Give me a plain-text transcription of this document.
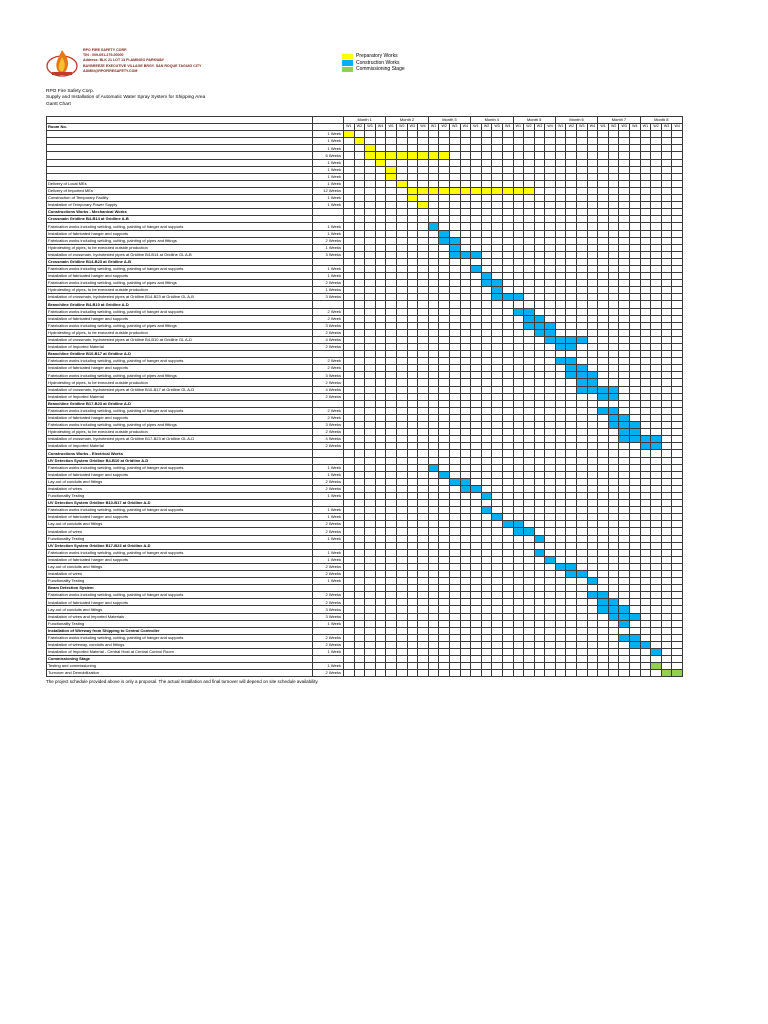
RPO FIRE SAFETY CORP.
TIN : 009-691-279-00000
Address: BLK 21 LOT 13 FLAMINGO PARKWAY
BAYBREEZE EXECUTIVE VILLAGE BRGY. SAN ROQUE TAGUIG CITY
ADMIN@RPOFIRESAFETY.COM
Preparatory Works
Construction Works
Commissioning Stage
RPO Fire Safety Corp.
Supply and Installation of Automatic Water Spray System for Shipping Area
Gantt Chart
		Month 1				Month 2				Month 3				Month 4				Month 5				Month 6				Month 7				Month 8			
Room No.		W1	W2	W3	W4	W1	W2	W3	W4	W1	W2	W3	W4	W1	W2	W3	W4	W1	W2	W3	W4	W1	W2	W3	W4	W1	W2	W3	W4	W1	W2	W3	W4
	1 Week																																
	1 Week																																
	1 Week																																
	6 Weeks																																
	1 Week																																
	1 Week																																
	1 Week																																
Delivery of Local MEs	1 Week																																
Delivery of Imported MEs	12 Weeks																																
Construction of Temporary Facility	1 Week																																
Installation of Temporary Power Supply	1 Week																																
Constructions Works - Mechanical Works																																	
Crossmain Gridline B4-B14 at Gridline A-B																																	
Fabrication works including welding, cutting, painting of hanger and supports	1 Week																																
Installation of fabricated hanger and supports	1 Week																																
Fabrication works including welding, cutting, painting of pipes and fittings	2 Weeks																																
Hydrotesting of pipes, to be executed outside production	1 Weeks																																
Installation of crossmain, hydrotested pipes at Gridline B4-B14 at Gridline GL A-B	3 Weeks																																
Crossmain Gridline B14-B23 at Gridline A-B																																	
Fabrication works including welding, cutting, painting of hanger and supports	1 Week																																
Installation of fabricated hanger and supports	1 Week																																
Fabrication works including welding, cutting, painting of pipes and fittings	2 Weeks																																
Hydrotesting of pipes, to be executed outside production	1 Weeks																																
Installation of crossmain, hydrotested pipes at Gridline B14-B23 at Gridline GL A-B	3 Weeks																																
Branchline Gridline B4-B10 at Gridline A-D																																	
Fabrication works including welding, cutting, painting of hanger and supports	2 Week																																
Installation of fabricated hanger and supports	2 Week																																
Fabrication works including welding, cutting, painting of pipes and fittings	3 Weeks																																
Hydrotesting of pipes, to be executed outside production	2 Weeks																																
Installation of crossmain, hydrotested pipes at Gridline B4-B10 at Gridline GL A-D	4 Weeks																																
Installation of Imported Material	2 Weeks																																
Branchline Gridline B10-B17 at Gridline A-D																																	
Fabrication works including welding, cutting, painting of hanger and supports	2 Week																																
Installation of fabricated hanger and supports	2 Week																																
Fabrication works including welding, cutting, painting of pipes and fittings	3 Weeks																																
Hydrotesting of pipes, to be executed outside production	2 Weeks																																
Installation of crossmain, hydrotested pipes at Gridline B10-B17 at Gridline GL A-D	4 Weeks																																
Installation of Imported Material	2 Weeks																																
Branchline Gridline B17-B23 at Gridline A-D																																	
Fabrication works including welding, cutting, painting of hanger and supports	2 Week																																
Installation of fabricated hanger and supports	2 Week																																
Fabrication works including welding, cutting, painting of pipes and fittings	3 Weeks																																
Hydrotesting of pipes, to be executed outside production	2 Weeks																																
Installation of crossmain, hydrotested pipes at Gridline B17-B23 at Gridline GL A-D	4 Weeks																																
Installation of Imported Material	2 Weeks																																
Constructions Works - Electrical Works																																	
UV Detection System Gridline B4-B10 at Gridline A-D																																	
Fabrication works including welding, cutting, painting of hanger and supports	1 Week																																
Installation of fabricated hanger and supports	1 Week																																
Lay-out of conduits and fittings	2 Weeks																																
Installation of wires	2 Weeks																																
Functionality Testing	1 Week																																
UV Detection System Gridline B10-B17 at Gridline A-D																																	
Fabrication works including welding, cutting, painting of hanger and supports	1 Week																																
Installation of fabricated hanger and supports	1 Week																																
Lay-out of conduits and fittings	2 Weeks																																
Installation of wires	2 Weeks																																
Functionality Testing	1 Week																																
UV Detection System Gridline B17-B23 at Gridline A-D																																	
Fabrication works including welding, cutting, painting of hanger and supports	1 Week																																
Installation of fabricated hanger and supports	1 Week																																
Lay-out of conduits and fittings	2 Weeks																																
Installation of wires	2 Weeks																																
Functionality Testing	1 Week																																
Beam Detection System																																	
Fabrication works including welding, cutting, painting of hanger and supports	2 Weeks																																
Installation of fabricated hanger and supports	2 Weeks																																
Lay-out of conduits and fittings	3 Weeks																																
Installation of wires and Imported Materials	3 Weeks																																
Functionality Testing	1 Week																																
Installation of Wireway from Shipping to Central Controller																																	
Fabrication works including welding, cutting, painting of hanger and supports	2 Weeks																																
Installation of wireway, conduits and fittings	2 Weeks																																
Installation of Imported Material - Central Host at Central Control Room	1 Week																																
Commissioning Stage																																	
Testing and commissioning	1 Week																																
Turnover and Demobilization	2 Weeks																																
The project schedule provided above is only a proposal. The actual installation and final turnover will depend on site schedule availability.
